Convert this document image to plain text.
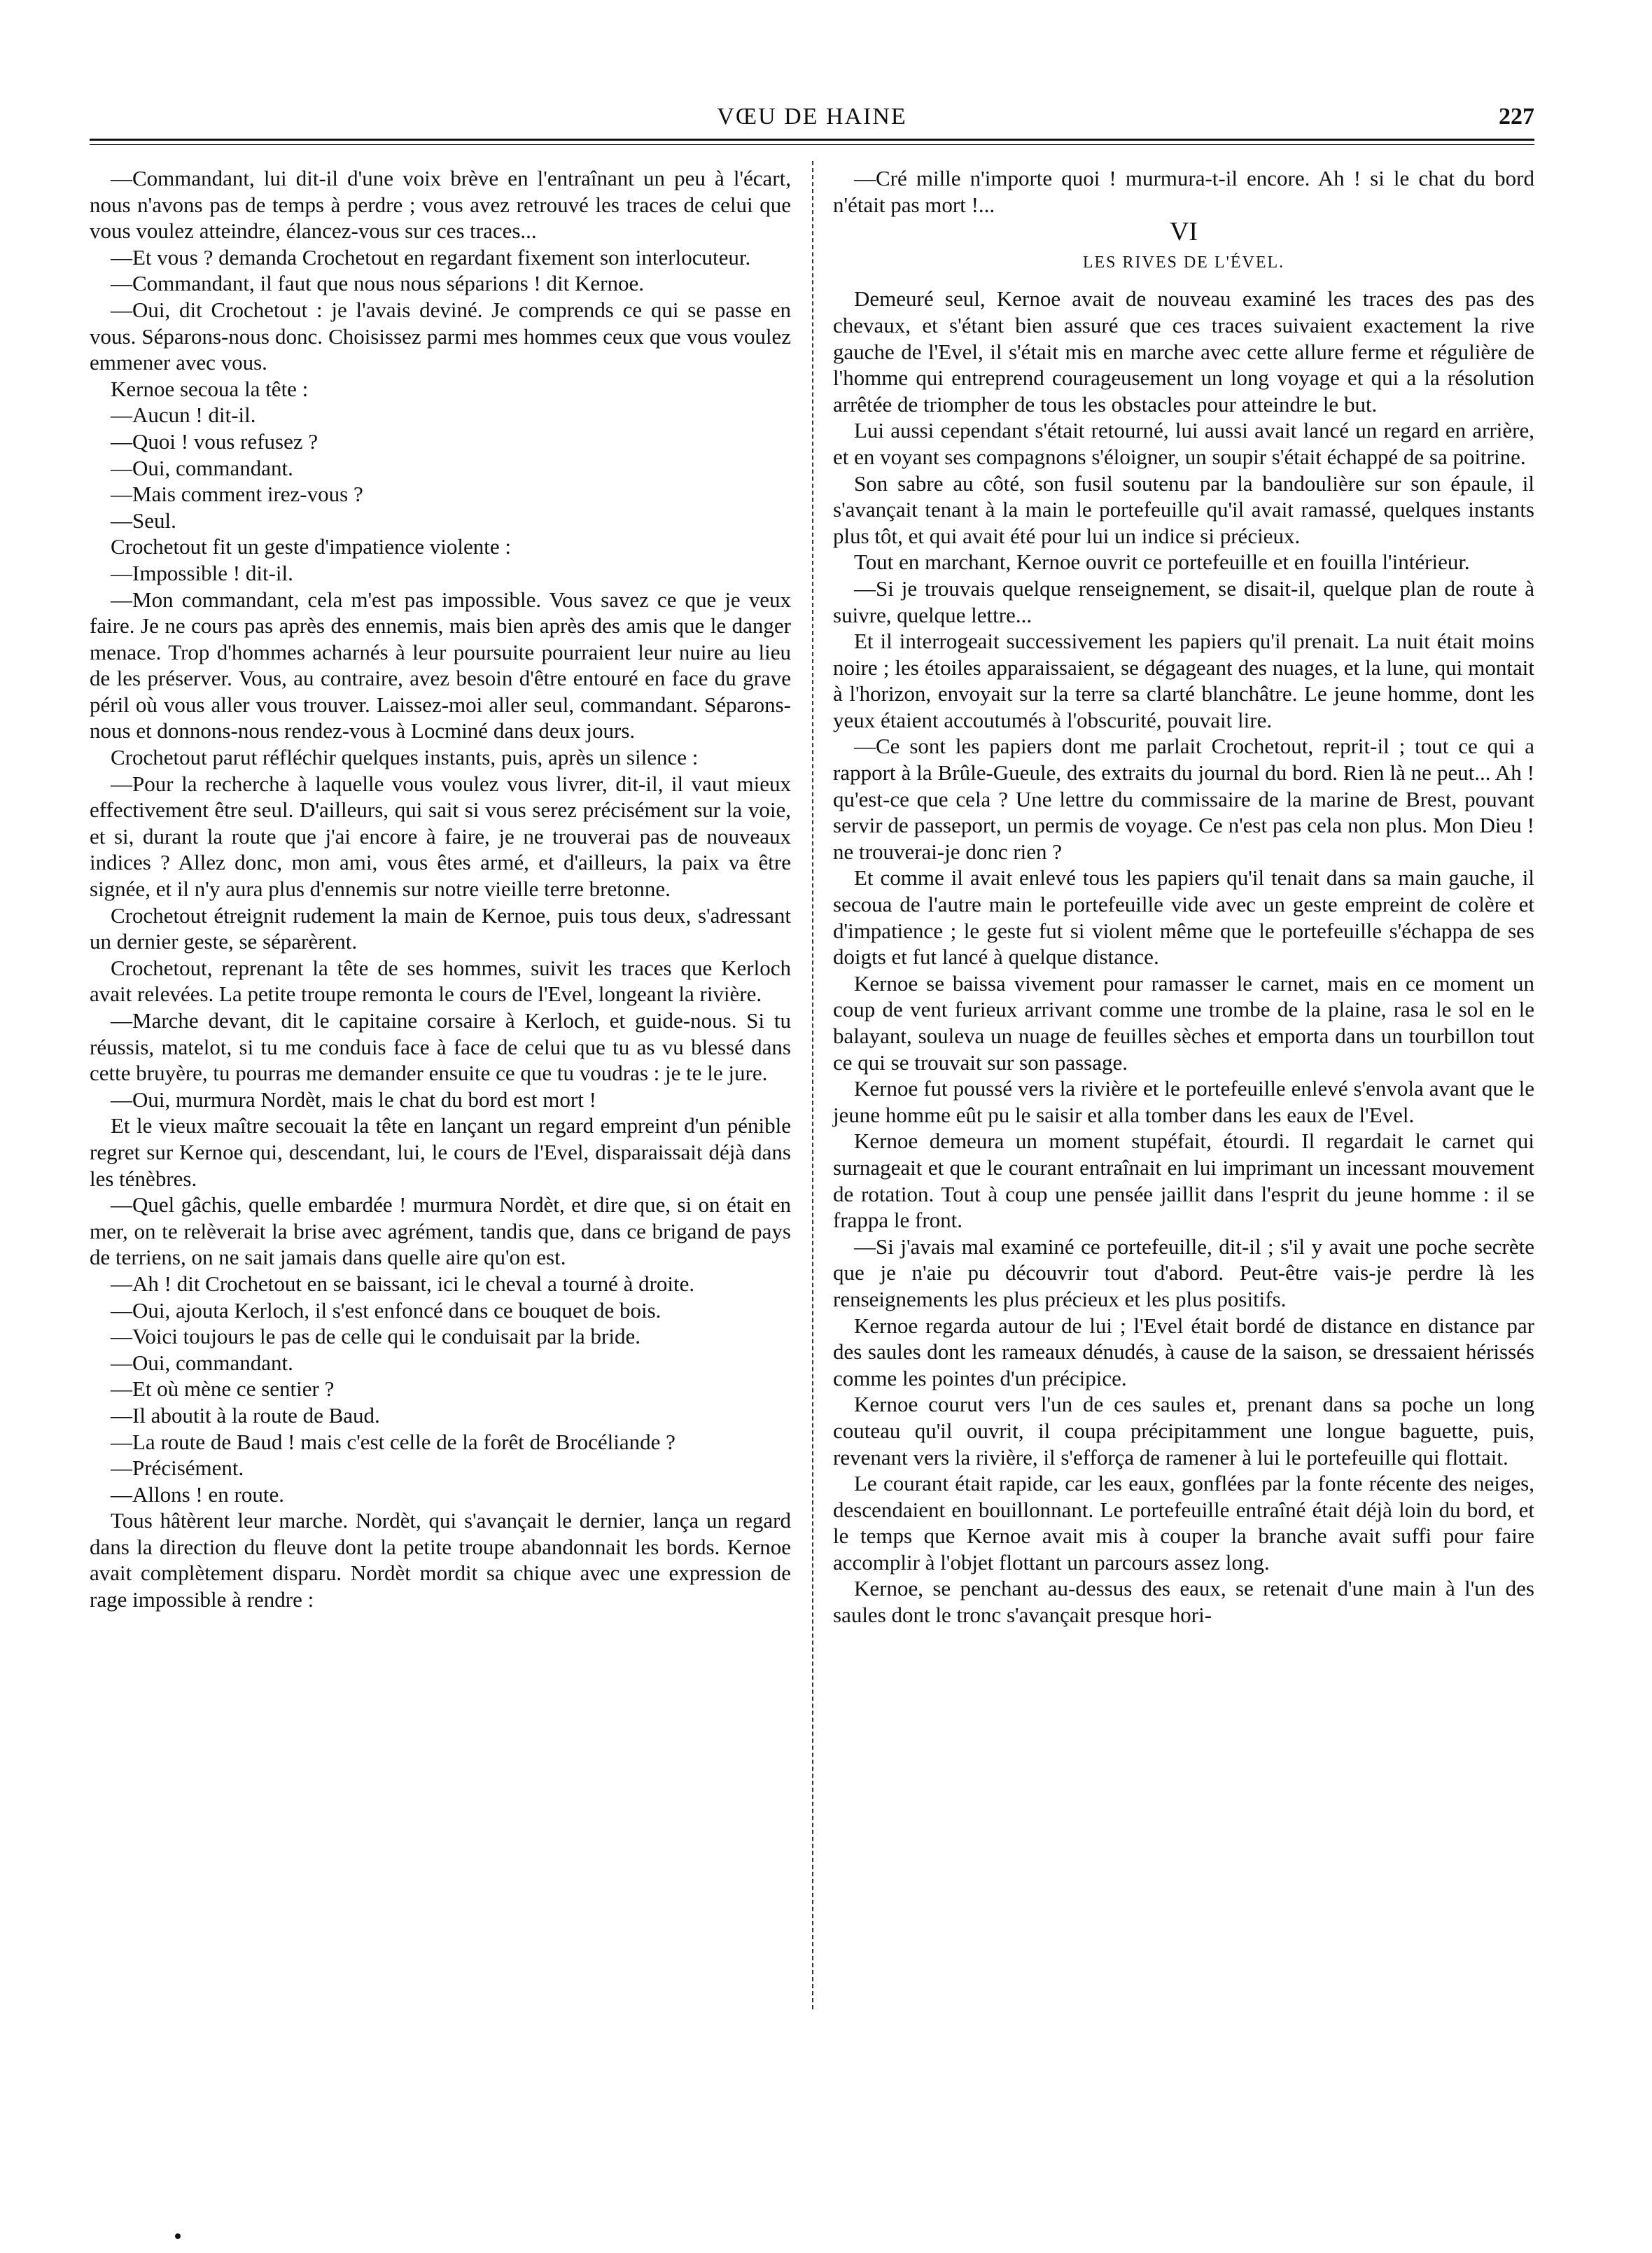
VŒU DE HAINE	227

—Commandant, lui dit-il d'une voix brève en l'entraînant un peu à l'écart, nous n'avons pas de temps à perdre ; vous avez retrouvé les traces de celui que vous voulez atteindre, élancez-vous sur ces traces...

—Et vous ? demanda Crochetout en regardant fixement son interlocuteur.

—Commandant, il faut que nous nous séparions ! dit Kernoe.

—Oui, dit Crochetout : je l'avais deviné. Je comprends ce qui se passe en vous. Séparons-nous donc. Choisissez parmi mes hommes ceux que vous voulez emmener avec vous.

Kernoe secoua la tête :

—Aucun ! dit-il.

—Quoi ! vous refusez ?

—Oui, commandant.

—Mais comment irez-vous ?

—Seul.

Crochetout fit un geste d'impatience violente :

—Impossible ! dit-il.

—Mon commandant, cela m'est pas impossible. Vous savez ce que je veux faire. Je ne cours pas après des ennemis, mais bien après des amis que le danger menace. Trop d'hommes acharnés à leur poursuite pourraient leur nuire au lieu de les préserver. Vous, au contraire, avez besoin d'être entouré en face du grave péril où vous aller vous trouver. Laissez-moi aller seul, commandant. Séparons-nous et donnons-nous rendez-vous à Locminé dans deux jours.

Crochetout parut réfléchir quelques instants, puis, après un silence :

—Pour la recherche à laquelle vous voulez vous livrer, dit-il, il vaut mieux effectivement être seul. D'ailleurs, qui sait si vous serez précisément sur la voie, et si, durant la route que j'ai encore à faire, je ne trouverai pas de nouveaux indices ? Allez donc, mon ami, vous êtes armé, et d'ailleurs, la paix va être signée, et il n'y aura plus d'ennemis sur notre vieille terre bretonne.

Crochetout étreignit rudement la main de Kernoe, puis tous deux, s'adressant un dernier geste, se séparèrent.

Crochetout, reprenant la tête de ses hommes, suivit les traces que Kerloch avait relevées. La petite troupe remonta le cours de l'Evel, longeant la rivière.

—Marche devant, dit le capitaine corsaire à Kerloch, et guide-nous. Si tu réussis, matelot, si tu me conduis face à face de celui que tu as vu blessé dans cette bruyère, tu pourras me demander ensuite ce que tu voudras : je te le jure.

—Oui, murmura Nordèt, mais le chat du bord est mort !

Et le vieux maître secouait la tête en lançant un regard empreint d'un pénible regret sur Kernoe qui, descendant, lui, le cours de l'Evel, disparaissait déjà dans les ténèbres.

—Quel gâchis, quelle embardée ! murmura Nordèt, et dire que, si on était en mer, on te relèverait la brise avec agrément, tandis que, dans ce brigand de pays de terriens, on ne sait jamais dans quelle aire qu'on est.

—Ah ! dit Crochetout en se baissant, ici le cheval a tourné à droite.

—Oui, ajouta Kerloch, il s'est enfoncé dans ce bouquet de bois.

—Voici toujours le pas de celle qui le conduisait par la bride.

—Oui, commandant.

—Et où mène ce sentier ?

—Il aboutit à la route de Baud.

—La route de Baud ! mais c'est celle de la forêt de Brocéliande ?

—Précisément.

—Allons ! en route.

Tous hâtèrent leur marche. Nordèt, qui s'avançait le dernier, lança un regard dans la direction du fleuve dont la petite troupe abandonnait les bords. Kernoe avait complètement disparu. Nordèt mordit sa chique avec une expression de rage impossible à rendre :

—Cré mille n'importe quoi ! murmura-t-il encore. Ah ! si le chat du bord n'était pas mort !...

VI
LES RIVES DE L'ÉVEL.

Demeuré seul, Kernoe avait de nouveau examiné les traces des pas des chevaux, et s'étant bien assuré que ces traces suivaient exactement la rive gauche de l'Evel, il s'était mis en marche avec cette allure ferme et régulière de l'homme qui entreprend courageusement un long voyage et qui a la résolution arrêtée de triompher de tous les obstacles pour atteindre le but.

Lui aussi cependant s'était retourné, lui aussi avait lancé un regard en arrière, et en voyant ses compagnons s'éloigner, un soupir s'était échappé de sa poitrine.

Son sabre au côté, son fusil soutenu par la bandoulière sur son épaule, il s'avançait tenant à la main le portefeuille qu'il avait ramassé, quelques instants plus tôt, et qui avait été pour lui un indice si précieux.

Tout en marchant, Kernoe ouvrit ce portefeuille et en fouilla l'intérieur.

—Si je trouvais quelque renseignement, se disait-il, quelque plan de route à suivre, quelque lettre...

Et il interrogeait successivement les papiers qu'il prenait. La nuit était moins noire ; les étoiles apparaissaient, se dégageant des nuages, et la lune, qui montait à l'horizon, envoyait sur la terre sa clarté blanchâtre. Le jeune homme, dont les yeux étaient accoutumés à l'obscurité, pouvait lire.

—Ce sont les papiers dont me parlait Crochetout, reprit-il ; tout ce qui a rapport à la Brûle-Gueule, des extraits du journal du bord. Rien là ne peut... Ah ! qu'est-ce que cela ? Une lettre du commissaire de la marine de Brest, pouvant servir de passeport, un permis de voyage. Ce n'est pas cela non plus. Mon Dieu ! ne trouverai-je donc rien ?

Et comme il avait enlevé tous les papiers qu'il tenait dans sa main gauche, il secoua de l'autre main le portefeuille vide avec un geste empreint de colère et d'impatience ; le geste fut si violent même que le portefeuille s'échappa de ses doigts et fut lancé à quelque distance.

Kernoe se baissa vivement pour ramasser le carnet, mais en ce moment un coup de vent furieux arrivant comme une trombe de la plaine, rasa le sol en le balayant, souleva un nuage de feuilles sèches et emporta dans un tourbillon tout ce qui se trouvait sur son passage.

Kernoe fut poussé vers la rivière et le portefeuille enlevé s'envola avant que le jeune homme eût pu le saisir et alla tomber dans les eaux de l'Evel.

Kernoe demeura un moment stupéfait, étourdi. Il regardait le carnet qui surnageait et que le courant entraînait en lui imprimant un incessant mouvement de rotation. Tout à coup une pensée jaillit dans l'esprit du jeune homme : il se frappa le front.

—Si j'avais mal examiné ce portefeuille, dit-il ; s'il y avait une poche secrète que je n'aie pu découvrir tout d'abord. Peut-être vais-je perdre là les renseignements les plus précieux et les plus positifs.

Kernoe regarda autour de lui ; l'Evel était bordé de distance en distance par des saules dont les rameaux dénudés, à cause de la saison, se dressaient hérissés comme les pointes d'un précipice.

Kernoe courut vers l'un de ces saules et, prenant dans sa poche un long couteau qu'il ouvrit, il coupa précipitamment une longue baguette, puis, revenant vers la rivière, il s'efforça de ramener à lui le portefeuille qui flottait.

Le courant était rapide, car les eaux, gonflées par la fonte récente des neiges, descendaient en bouillonnant. Le portefeuille entraîné était déjà loin du bord, et le temps que Kernoe avait mis à couper la branche avait suffi pour faire accomplir à l'objet flottant un parcours assez long.

Kernoe, se penchant au-dessus des eaux, se retenait d'une main à l'un des saules dont le tronc s'avançait presque hori-
